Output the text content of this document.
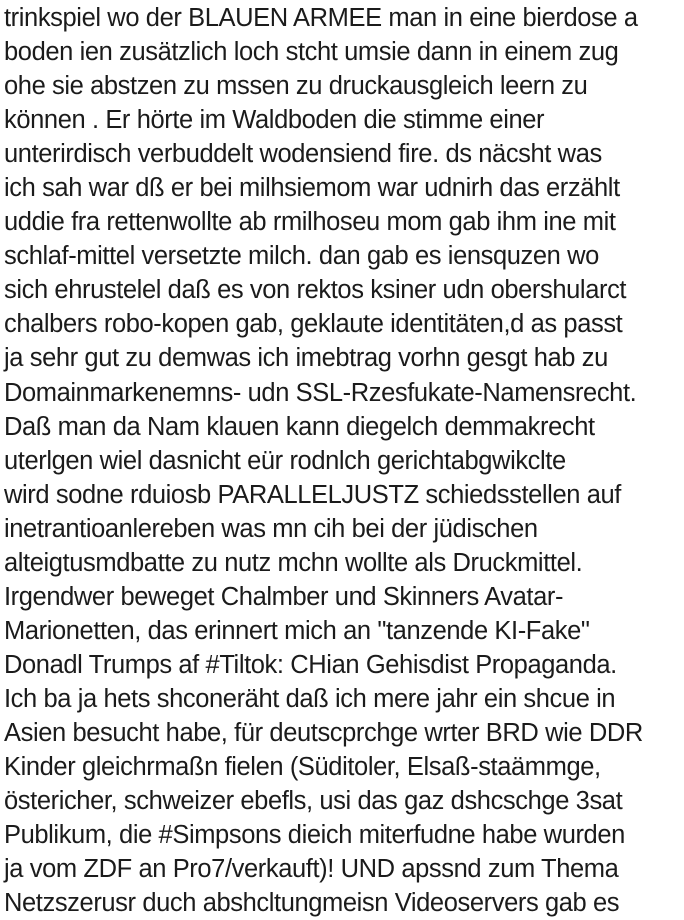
trinkspiel wo der BLAUEN ARMEE man in eine bierdose a
boden ien zusätzlich loch stcht umsie dann in einem zug
ohe sie abstzen zu mssen zu druckausgleich leern zu
können . Er hörte im Waldboden die stimme einer
unterirdisch verbuddelt wodensiend fire. ds näcsht was
ich sah war dß er bei milhsiemom war udnirh das erzählt
uddie fra rettenwollte ab rmilhoseu mom gab ihm ine mit
schlaf-mittel versetzte milch. dan gab es iensquzen wo
sich ehrustelel daß es von rektos ksiner udn obershularct
chalbers robo-kopen gab, geklaute identitäten,d as passt
ja sehr gut zu demwas ich imebtrag vorhn gesgt hab zu
Domainmarkenemns- udn SSL-Rzesfukate-Namensrecht.
Daß man da Nam klauen kann diegelch demmakrecht
uterlgen wiel dasnicht eür rodnlch gerichtabgwikclte
wird sodne rduiosb PARALLELJUSTZ schiedsstellen auf
inetrantioanlereben was mn cih bei der jüdischen
alteigtusmdbatte zu nutz mchn wollte als Druckmittel.
Irgendwer beweget Chalmber und Skinners Avatar-
Marionetten, das erinnert mich an "tanzende KI-Fake"
Donadl Trumps af #Tiltok: CHian Gehisdist Propaganda.
Ich ba ja hets shconeräht daß ich mere jahr ein shcue in
Asien besucht habe, für deutscprchge wrter BRD wie DDR
Kinder gleichrmaßn fielen (Süditoler, Elsaß-staämmge,
östericher, schweizer ebefls, usi das gaz dshcschge 3sat
Publikum, die #Simpsons dieich miterfudne habe wurden
ja vom ZDF an Pro7/verkauft)! UND apssnd zum Thema
Netzszerusr duch abshcltungmeisn Videoservers gab es
